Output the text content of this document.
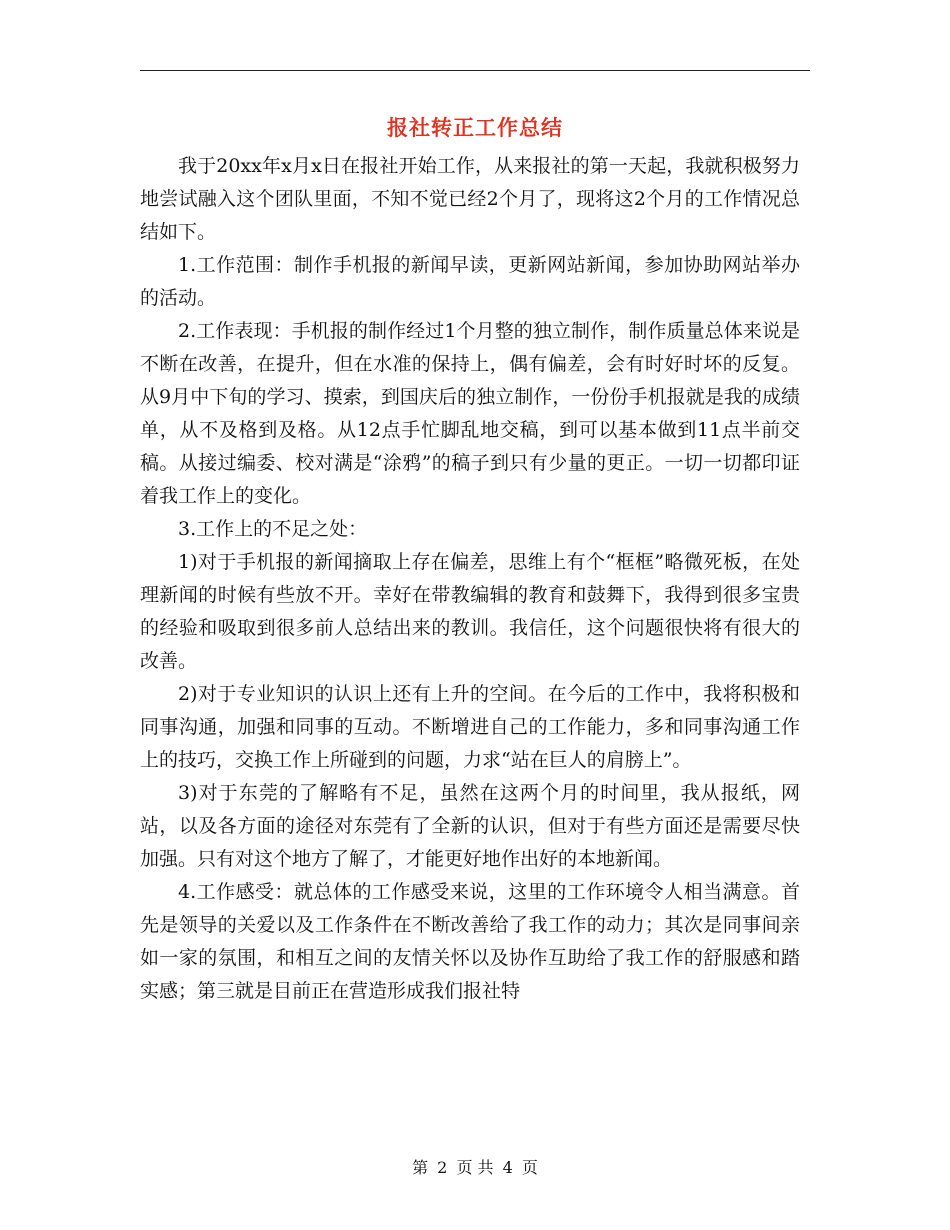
报社转正工作总结

我于20xx年x月x日在报社开始工作，从来报社的第一天起，我就积极努力地尝试融入这个团队里面，不知不觉已经2个月了，现将这2个月的工作情况总结如下。

1.工作范围：制作手机报的新闻早读，更新网站新闻，参加协助网站举办的活动。

2.工作表现：手机报的制作经过1个月整的独立制作，制作质量总体来说是不断在改善，在提升，但在水准的保持上，偶有偏差，会有时好时坏的反复。从9月中下旬的学习、摸索，到国庆后的独立制作，一份份手机报就是我的成绩单，从不及格到及格。从12点手忙脚乱地交稿，到可以基本做到11点半前交稿。从接过编委、校对满是“涂鸦”的稿子到只有少量的更正。一切一切都印证着我工作上的变化。

3.工作上的不足之处：

1)对于手机报的新闻摘取上存在偏差，思维上有个“框框”略微死板，在处理新闻的时候有些放不开。幸好在带教编辑的教育和鼓舞下，我得到很多宝贵的经验和吸取到很多前人总结出来的教训。我信任，这个问题很快将有很大的改善。

2)对于专业知识的认识上还有上升的空间。在今后的工作中，我将积极和同事沟通，加强和同事的互动。不断增进自己的工作能力，多和同事沟通工作上的技巧，交换工作上所碰到的问题，力求“站在巨人的肩膀上”。

3)对于东莞的了解略有不足，虽然在这两个月的时间里，我从报纸，网站，以及各方面的途径对东莞有了全新的认识，但对于有些方面还是需要尽快加强。只有对这个地方了解了，才能更好地作出好的本地新闻。

4.工作感受：就总体的工作感受来说，这里的工作环境令人相当满意。首先是领导的关爱以及工作条件在不断改善给了我工作的动力；其次是同事间亲如一家的氛围，和相互之间的友情关怀以及协作互助给了我工作的舒服感和踏实感；第三就是目前正在营造形成我们报社特

第 2 页 共 4 页
